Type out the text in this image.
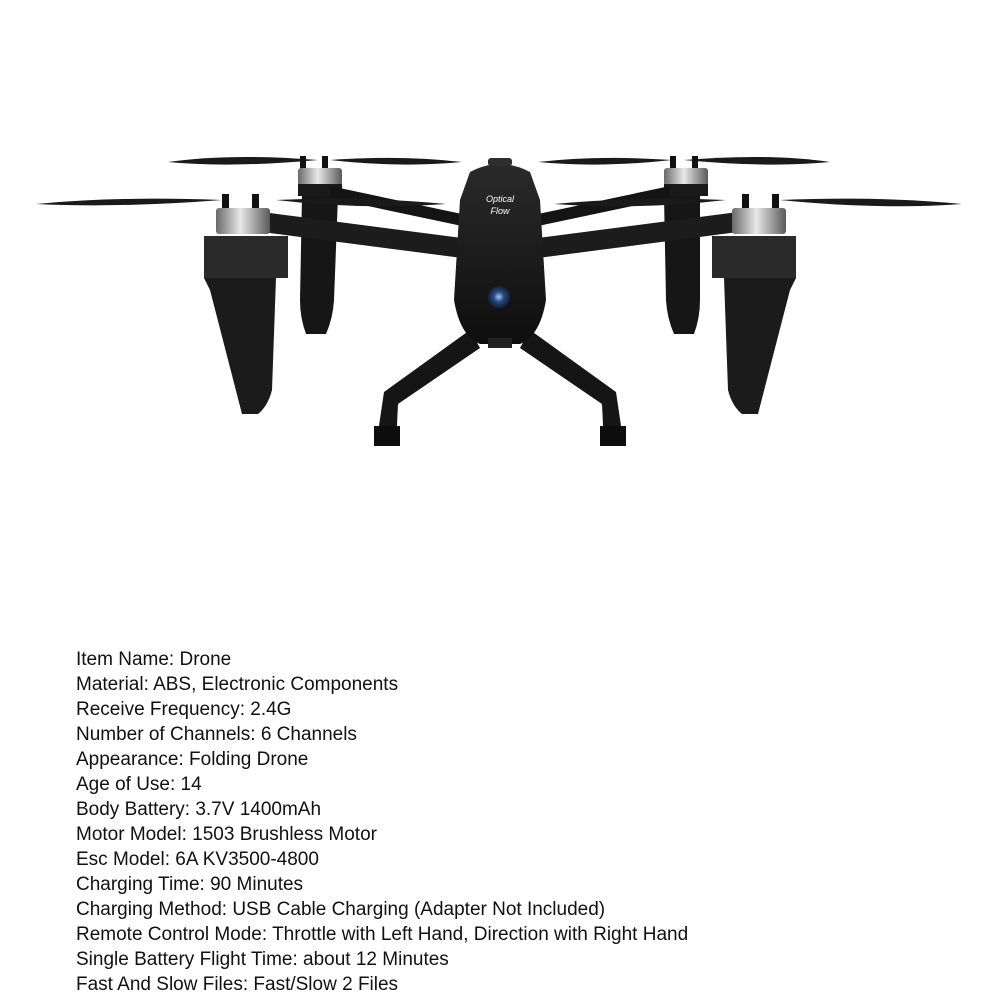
Optical
Flow
Item Name: Drone
Material: ABS, Electronic Components
Receive Frequency: 2.4G
Number of Channels: 6 Channels
Appearance: Folding Drone
Age of Use: 14
Body Battery: 3.7V 1400mAh
Motor Model: 1503 Brushless Motor
Esc Model: 6A KV3500-4800
Charging Time: 90 Minutes
Charging Method: USB Cable Charging (Adapter Not Included)
Remote Control Mode: Throttle with Left Hand, Direction with Right Hand
Single Battery Flight Time: about 12 Minutes
Fast And Slow Files: Fast/Slow 2 Files
